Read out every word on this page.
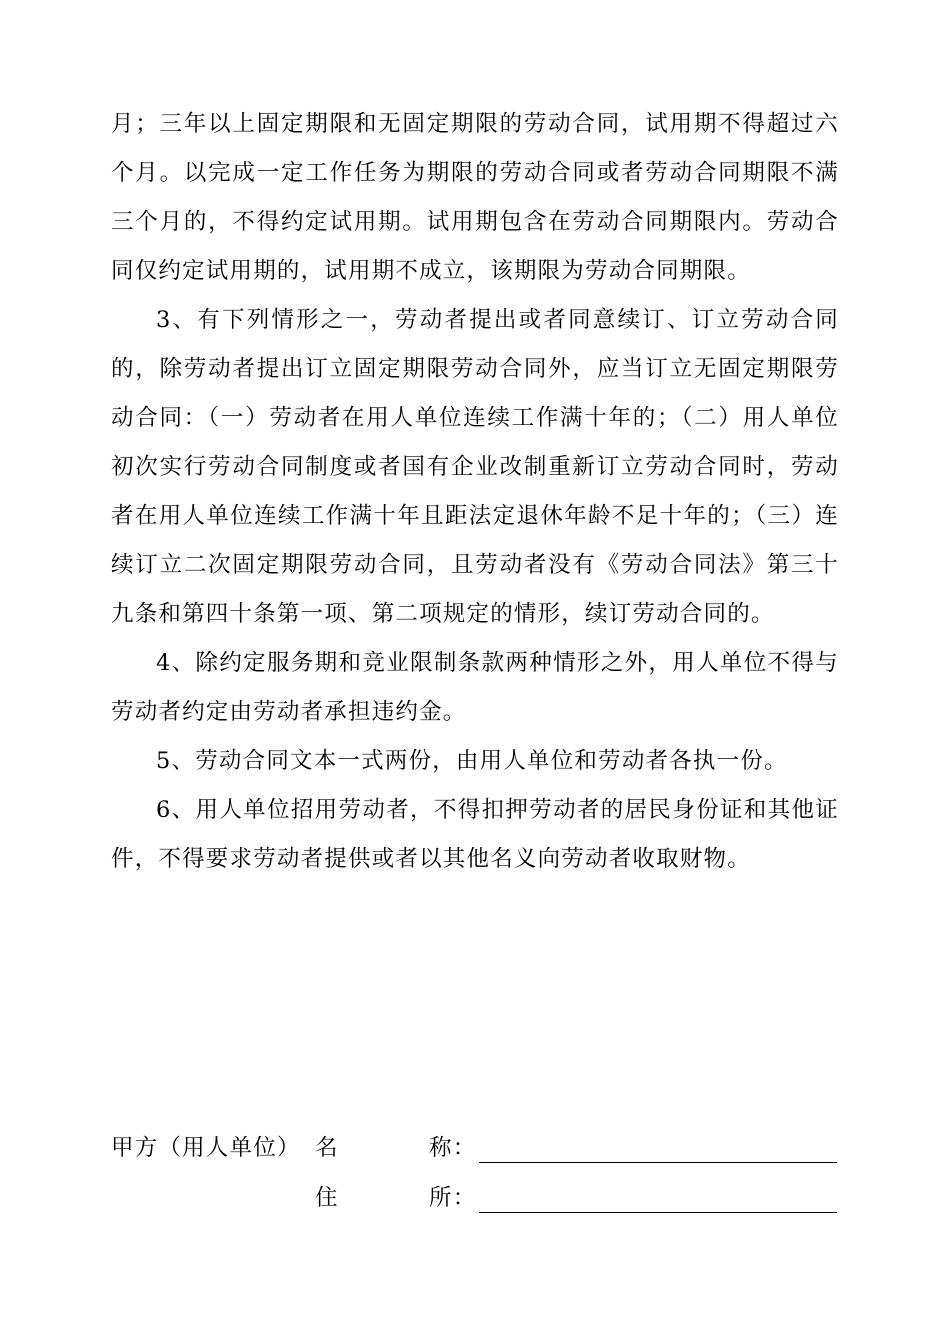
月；三年以上固定期限和无固定期限的劳动合同，试用期不得超过六个月。以完成一定工作任务为期限的劳动合同或者劳动合同期限不满三个月的，不得约定试用期。试用期包含在劳动合同期限内。劳动合同仅约定试用期的，试用期不成立，该期限为劳动合同期限。

3、有下列情形之一，劳动者提出或者同意续订、订立劳动合同的，除劳动者提出订立固定期限劳动合同外，应当订立无固定期限劳动合同：（一）劳动者在用人单位连续工作满十年的；（二）用人单位初次实行劳动合同制度或者国有企业改制重新订立劳动合同时，劳动者在用人单位连续工作满十年且距法定退休年龄不足十年的；（三）连续订立二次固定期限劳动合同，且劳动者没有《劳动合同法》第三十九条和第四十条第一项、第二项规定的情形，续订劳动合同的。

4、除约定服务期和竞业限制条款两种情形之外，用人单位不得与劳动者约定由劳动者承担违约金。

5、劳动合同文本一式两份，由用人单位和劳动者各执一份。

6、用人单位招用劳动者，不得扣押劳动者的居民身份证和其他证件，不得要求劳动者提供或者以其他名义向劳动者收取财物。

甲方（用人单位） 名	称：
住	所：
